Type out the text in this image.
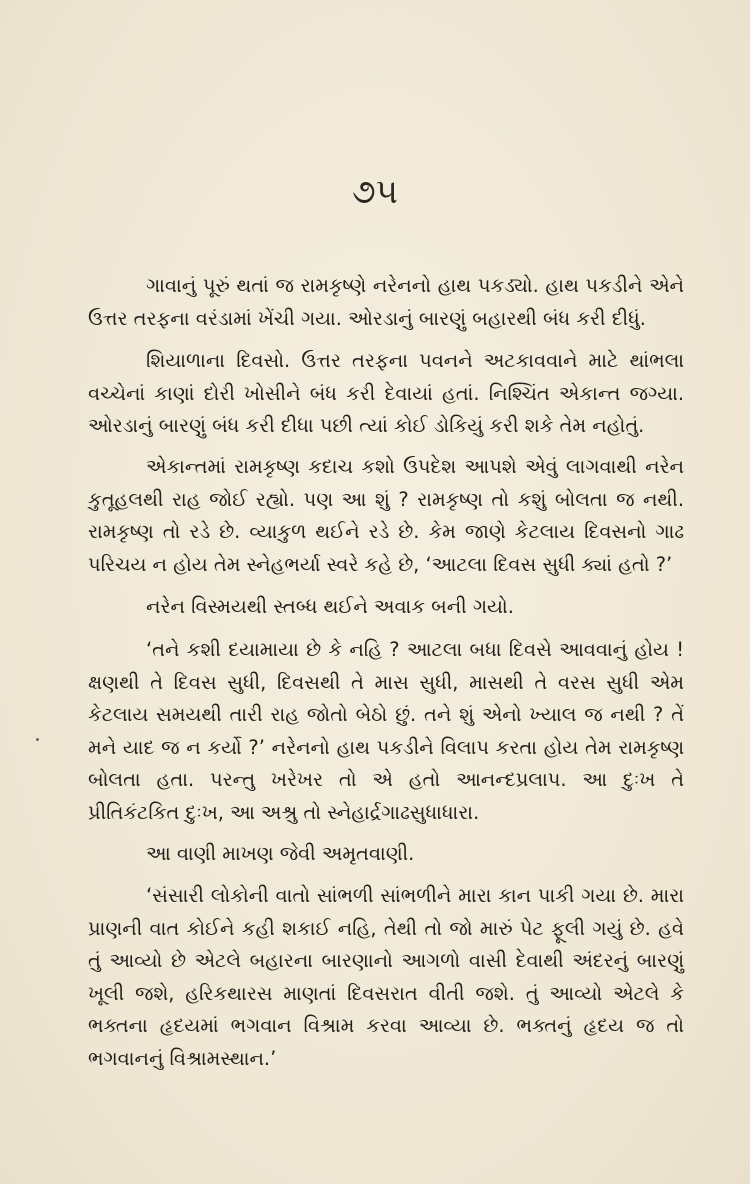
૭૫

ગાવાનું પૂરું થતાં જ રામકૃષ્ણે નરેનનો હાથ પકડ્યો. હાથ પકડીને એને ઉત્તર તરફના વરંડામાં ખેંચી ગયા. ઓરડાનું બારણું બહારથી બંધ કરી દીધું.

શિયાળાના દિવસો. ઉત્તર તરફના પવનને અટકાવવાને માટે થાંભલા વચ્ચેનાં કાણાં દોરી ખોસીને બંધ કરી દેવાયાં હતાં. નિશ્ચિંત એકાન્ત જગ્યા. ઓરડાનું બારણું બંધ કરી દીધા પછી ત્યાં કોઈ ડોકિયું કરી શકે તેમ નહોતું.

એકાન્તમાં રામકૃષ્ણ કદાચ કશો ઉપદેશ આપશે એવું લાગવાથી નરેન કુતૂહલથી રાહ જોઈ રહ્યો. પણ આ શું ? રામકૃષ્ણ તો કશું બોલતા જ નથી. રામકૃષ્ણ તો રડે છે. વ્યાકુળ થઈને રડે છે. કેમ જાણે કેટલાય દિવસનો ગાઢ પરિચય ન હોય તેમ સ્નેહભર્યા સ્વરે કહે છે, ‘આટલા દિવસ સુધી ક્યાં હતો ?’

નરેન વિસ્મયથી સ્તબ્ધ થઈને અવાક બની ગયો.

‘તને કશી દયામાયા છે કે નહિ ? આટલા બધા દિવસે આવવાનું હોય ! ક્ષણથી તે દિવસ સુધી, દિવસથી તે માસ સુધી, માસથી તે વરસ સુધી એમ કેટલાય સમયથી તારી રાહ જોતો બેઠો છું. તને શું એનો ખ્યાલ જ નથી ? તેં મને યાદ જ ન કર્યો ?’ નરેનનો હાથ પકડીને વિલાપ કરતા હોય તેમ રામકૃષ્ણ બોલતા હતા. પરન્તુ ખરેખર તો એ હતો આનન્દપ્રલાપ. આ દુઃખ તે પ્રીતિકંટકિત દુઃખ, આ અશ્રુ તો સ્નેહાર્દ્રગાઢસુધાધારા.

આ વાણી માખણ જેવી અમૃતવાણી.

‘સંસારી લોકોની વાતો સાંભળી સાંભળીને મારા કાન પાકી ગયા છે. મારા પ્રાણની વાત કોઈને કહી શકાઈ નહિ, તેથી તો જો મારું પેટ ફૂલી ગયું છે. હવે તું આવ્યો છે એટલે બહારના બારણાનો આગળો વાસી દેવાથી અંદરનું બારણું ખૂલી જશે, હરિકથારસ માણતાં દિવસરાત વીતી જશે. તું આવ્યો એટલે કે ભક્તના હૃદયમાં ભગવાન વિશ્રામ કરવા આવ્યા છે. ભક્તનું હૃદય જ તો ભગવાનનું વિશ્રામસ્થાન.’
